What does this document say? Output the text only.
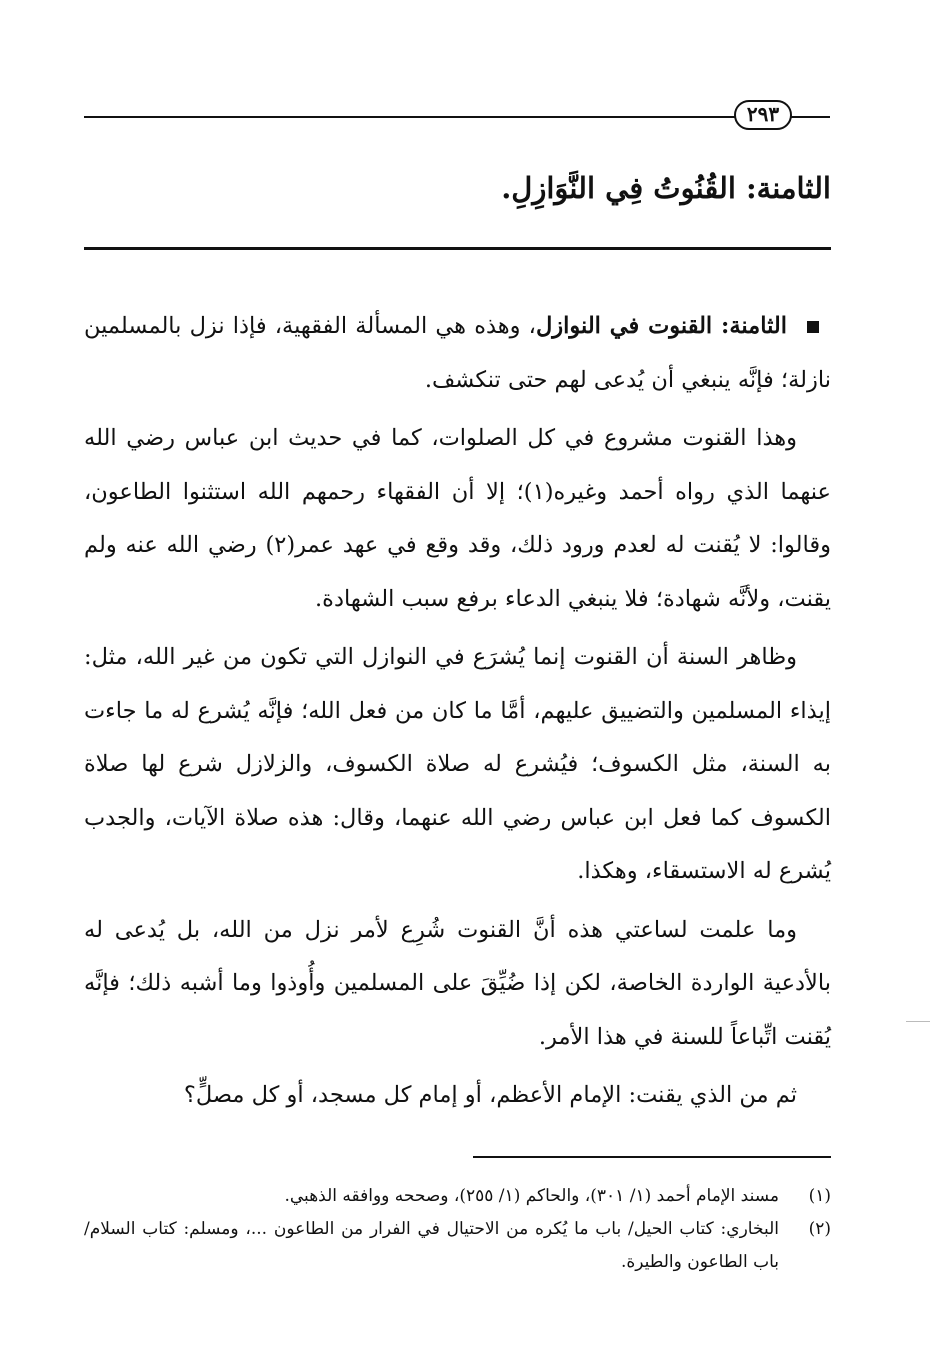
٢٩٣
الثامنة: القُنُوتُ فِي النَّوَازِلِ.

الثامنة: القنوت في النوازل، وهذه هي المسألة الفقهية، فإذا نزل بالمسلمين نازلة؛ فإنَّه ينبغي أن يُدعى لهم حتى تنكشف.

وهذا القنوت مشروع في كل الصلوات، كما في حديث ابن عباس رضي الله عنهما الذي رواه أحمد وغيره(١)؛ إلا أن الفقهاء رحمهم الله استثنوا الطاعون، وقالوا: لا يُقنت له لعدم ورود ذلك، وقد وقع في عهد عمر(٢) رضي الله عنه ولم يقنت، ولأنَّه شهادة؛ فلا ينبغي الدعاء برفع سبب الشهادة.

وظاهر السنة أن القنوت إنما يُشرَع في النوازل التي تكون من غير الله، مثل: إيذاء المسلمين والتضييق عليهم، أمَّا ما كان من فعل الله؛ فإنَّه يُشرع له ما جاءت به السنة، مثل الكسوف؛ فيُشرع له صلاة الكسوف، والزلازل شرع لها صلاة الكسوف كما فعل ابن عباس رضي الله عنهما، وقال: هذه صلاة الآيات، والجدب يُشرع له الاستسقاء، وهكذا.

وما علمت لساعتي هذه أنَّ القنوت شُرِع لأمر نزل من الله، بل يُدعى له بالأدعية الواردة الخاصة، لكن إذا ضُيِّقَ على المسلمين وأُوذوا وما أشبه ذلك؛ فإنَّه يُقنت اتِّباعاً للسنة في هذا الأمر.

ثم من الذي يقنت: الإمام الأعظم، أو إمام كل مسجد، أو كل مصلٍّ؟

(١)
مسند الإمام أحمد (١/ ٣٠١)، والحاكم (١/ ٢٥٥)، وصححه ووافقه الذهبي.
(٢)
البخاري: كتاب الحيل/ باب ما يُكره من الاحتيال في الفرار من الطاعون ...، ومسلم: كتاب السلام/ باب الطاعون والطيرة.
